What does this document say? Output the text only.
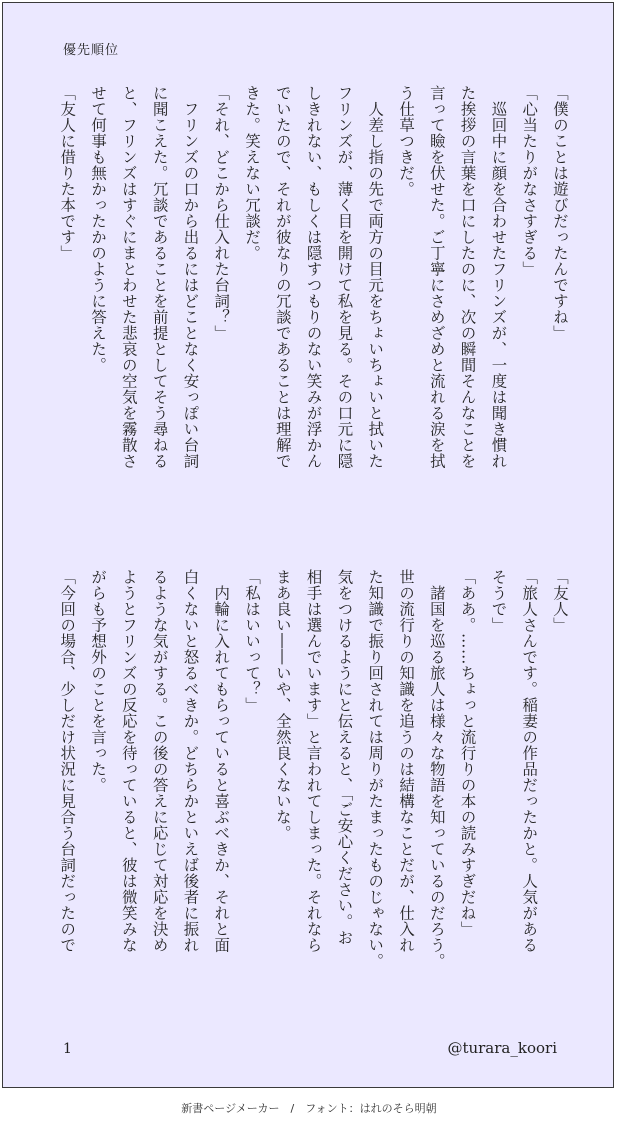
優先順位
「僕のことは遊びだったんですね」
「心当たりがなさすぎる」
　巡回中に顔を合わせたフリンズが、一度は聞き慣れ
た挨拶の言葉を口にしたのに、次の瞬間そんなことを
言って瞼を伏せた。ご丁寧にさめざめと流れる涙を拭
う仕草つきだ。
　人差し指の先で両方の目元をちょいちょいと拭いた
フリンズが、薄く目を開けて私を見る。その口元に隠
しきれない、もしくは隠すつもりのない笑みが浮かん
でいたので、それが彼なりの冗談であることは理解で
きた。笑えない冗談だ。
「それ、どこから仕入れた台詞？」
　フリンズの口から出るにはどことなく安っぽい台詞
に聞こえた。冗談であることを前提としてそう尋ねる
と、フリンズはすぐにまとわせた悲哀の空気を霧散さ
せて何事も無かったかのように答えた。
「友人に借りた本です」
「友人」
「旅人さんです。稲妻の作品だったかと。人気がある
そうで」
「ああ。……ちょっと流行りの本の読みすぎだね」
　諸国を巡る旅人は様々な物語を知っているのだろう。
世の流行りの知識を追うのは結構なことだが、仕入れ
た知識で振り回されては周りがたまったものじゃない。
気をつけるようにと伝えると、「ご安心ください。お
相手は選んでいます」と言われてしまった。それなら
まあ良い――いや、全然良くないな。
「私はいいって？」
　内輪に入れてもらっていると喜ぶべきか、それと面
白くないと怒るべきか。どちらかといえば後者に振れ
るような気がする。この後の答えに応じて対応を決め
ようとフリンズの反応を待っていると、彼は微笑みな
がらも予想外のことを言った。
「今回の場合、少しだけ状況に見合う台詞だったので
1	@turara_koori
新書ページメーカー　/　フォント：はれのそら明朝
